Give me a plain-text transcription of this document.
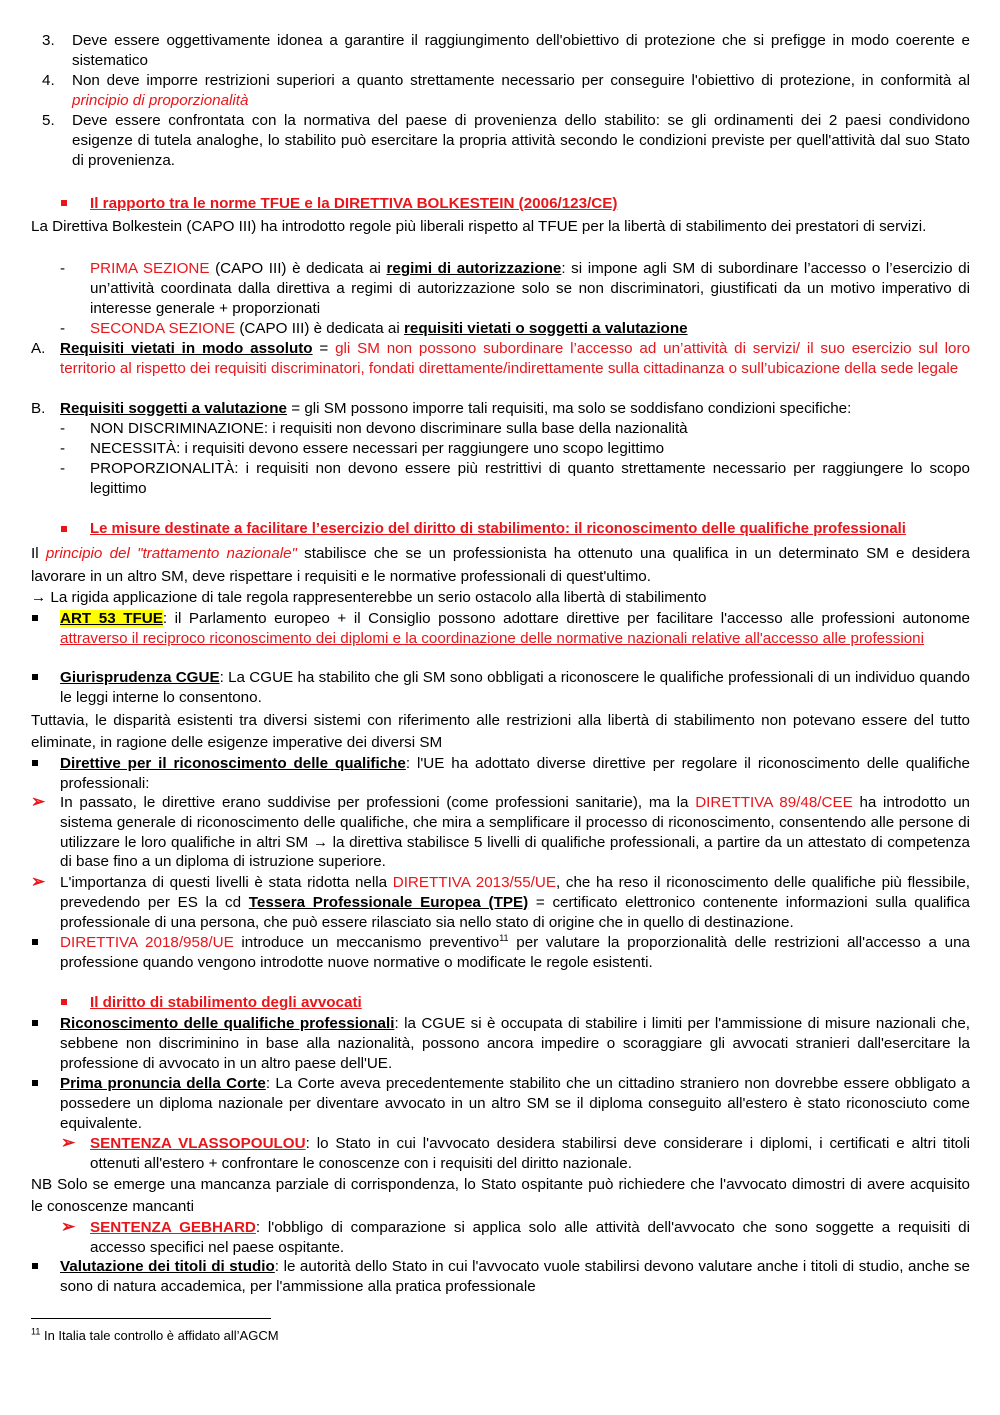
3. Deve essere oggettivamente idonea a garantire il raggiungimento dell'obiettivo di protezione che si prefigge in modo coerente e sistematico
4. Non deve imporre restrizioni superiori a quanto strettamente necessario per conseguire l'obiettivo di protezione, in conformità al principio di proporzionalità
5. Deve essere confrontata con la normativa del paese di provenienza dello stabilito: se gli ordinamenti dei 2 paesi condividono esigenze di tutela analoghe, lo stabilito può esercitare la propria attività secondo le condizioni previste per quell'attività dal suo Stato di provenienza.
Il rapporto tra le norme TFUE e la DIRETTIVA BOLKESTEIN (2006/123/CE)
La Direttiva Bolkestein (CAPO III) ha introdotto regole più liberali rispetto al TFUE per la libertà di stabilimento dei prestatori di servizi.
- PRIMA SEZIONE (CAPO III) è dedicata ai regimi di autorizzazione: si impone agli SM di subordinare l’accesso o l’esercizio di un’attività coordinata dalla direttiva a regimi di autorizzazione solo se non discriminatori, giustificati da un motivo imperativo di interesse generale + proporzionati
- SECONDA SEZIONE (CAPO III) è dedicata ai requisiti vietati o soggetti a valutazione
A. Requisiti vietati in modo assoluto = gli SM non possono subordinare l’accesso ad un’attività di servizi/ il suo esercizio sul loro territorio al rispetto dei requisiti discriminatori, fondati direttamente/indirettamente sulla cittadinanza o sull’ubicazione della sede legale
B. Requisiti soggetti a valutazione = gli SM possono imporre tali requisiti, ma solo se soddisfano condizioni specifiche:
- NON DISCRIMINAZIONE: i requisiti non devono discriminare sulla base della nazionalità
- NECESSITÀ: i requisiti devono essere necessari per raggiungere uno scopo legittimo
- PROPORZIONALITÀ: i requisiti non devono essere più restrittivi di quanto strettamente necessario per raggiungere lo scopo legittimo
Le misure destinate a facilitare l’esercizio del diritto di stabilimento: il riconoscimento delle qualifiche professionali
Il principio del "trattamento nazionale" stabilisce che se un professionista ha ottenuto una qualifica in un determinato SM e desidera lavorare in un altro SM, deve rispettare i requisiti e le normative professionali di quest'ultimo.
→ La rigida applicazione di tale regola rappresenterebbe un serio ostacolo alla libertà di stabilimento
ART 53 TFUE: il Parlamento europeo + il Consiglio possono adottare direttive per facilitare l'accesso alle professioni autonome attraverso il reciproco riconoscimento dei diplomi e la coordinazione delle normative nazionali relative all'accesso alle professioni
Giurisprudenza CGUE: La CGUE ha stabilito che gli SM sono obbligati a riconoscere le qualifiche professionali di un individuo quando le leggi interne lo consentono.
Tuttavia, le disparità esistenti tra diversi sistemi con riferimento alle restrizioni alla libertà di stabilimento non potevano essere del tutto eliminate, in ragione delle esigenze imperative dei diversi SM
Direttive per il riconoscimento delle qualifiche: l'UE ha adottato diverse direttive per regolare il riconoscimento delle qualifiche professionali:
➢ In passato, le direttive erano suddivise per professioni (come professioni sanitarie), ma la DIRETTIVA 89/48/CEE ha introdotto un sistema generale di riconoscimento delle qualifiche, che mira a semplificare il processo di riconoscimento, consentendo alle persone di utilizzare le loro qualifiche in altri SM → la direttiva stabilisce 5 livelli di qualifiche professionali, a partire da un attestato di competenza di base fino a un diploma di istruzione superiore.
➢ L'importanza di questi livelli è stata ridotta nella DIRETTIVA 2013/55/UE, che ha reso il riconoscimento delle qualifiche più flessibile, prevedendo per ES la cd Tessera Professionale Europea (TPE) = certificato elettronico contenente informazioni sulla qualifica professionale di una persona, che può essere rilasciato sia nello stato di origine che in quello di destinazione.
DIRETTIVA 2018/958/UE introduce un meccanismo preventivo$^{11}$ per valutare la proporzionalità delle restrizioni all'accesso a una professione quando vengono introdotte nuove normative o modificate le regole esistenti.
Il diritto di stabilimento degli avvocati
Riconoscimento delle qualifiche professionali: la CGUE si è occupata di stabilire i limiti per l'ammissione di misure nazionali che, sebbene non discriminino in base alla nazionalità, possono ancora impedire o scoraggiare gli avvocati stranieri dall'esercitare la professione di avvocato in un altro paese dell'UE.
Prima pronuncia della Corte: La Corte aveva precedentemente stabilito che un cittadino straniero non dovrebbe essere obbligato a possedere un diploma nazionale per diventare avvocato in un altro SM se il diploma conseguito all'estero è stato riconosciuto come equivalente.
➢ SENTENZA VLASSOPOULOU: lo Stato in cui l'avvocato desidera stabilirsi deve considerare i diplomi, i certificati e altri titoli ottenuti all'estero + confrontare le conoscenze con i requisiti del diritto nazionale.
NB Solo se emerge una mancanza parziale di corrispondenza, lo Stato ospitante può richiedere che l'avvocato dimostri di avere acquisito le conoscenze mancanti
➢ SENTENZA GEBHARD: l'obbligo di comparazione si applica solo alle attività dell'avvocato che sono soggette a requisiti di accesso specifici nel paese ospitante.
Valutazione dei titoli di studio: le autorità dello Stato in cui l'avvocato vuole stabilirsi devono valutare anche i titoli di studio, anche se sono di natura accademica, per l'ammissione alla pratica professionale
$^{11}$ In Italia tale controllo è affidato all’AGCM
